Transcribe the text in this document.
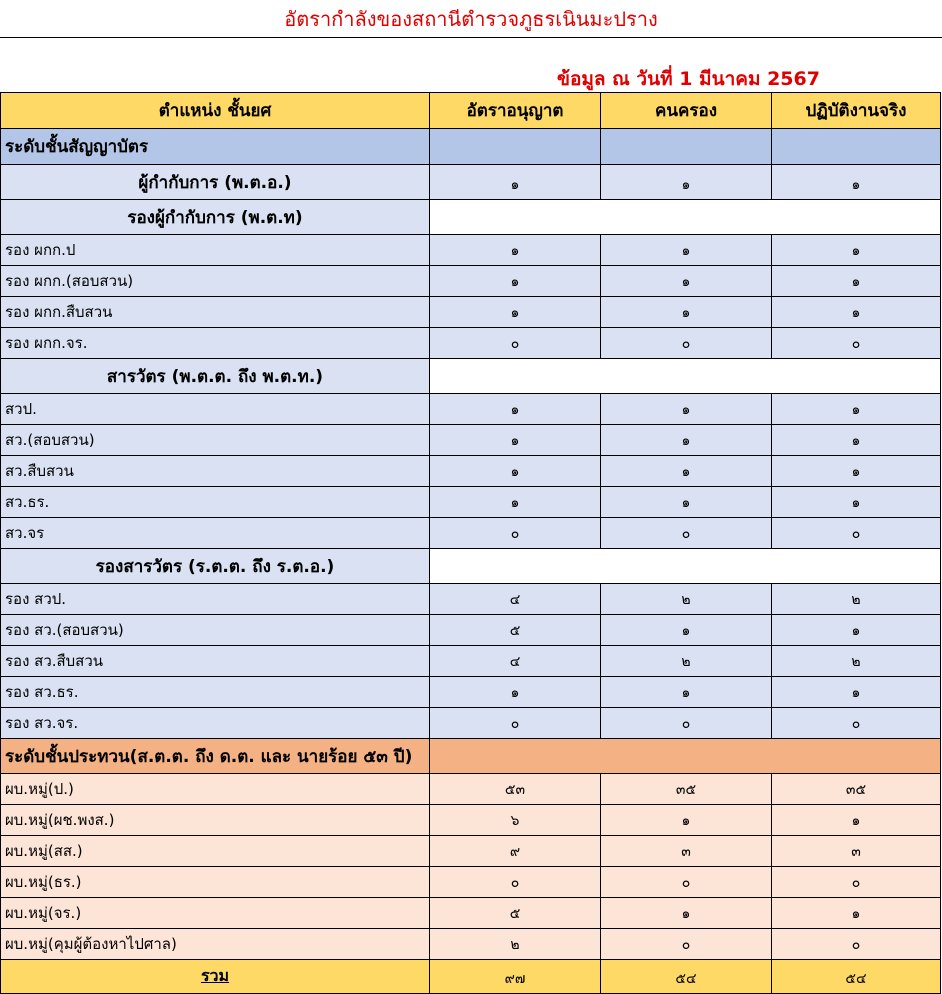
อัตรากำลังของสถานีตำรวจภูธรเนินมะปราง
ข้อมูล ณ วันที่ 1 มีนาคม 2567
ตำแหน่ง ชั้นยศ	อัตราอนุญาต	คนครอง	ปฏิบัติงานจริง
ระดับชั้นสัญญาบัตร			
ผู้กำกับการ (พ.ต.อ.)	๑	๑	๑
รองผู้กำกับการ (พ.ต.ท)			
รอง ผกก.ป	๑	๑	๑
รอง ผกก.(สอบสวน)	๑	๑	๑
รอง ผกก.สืบสวน	๑	๑	๑
รอง ผกก.จร.	๐	๐	๐
สารวัตร (พ.ต.ต. ถึง พ.ต.ท.)			
สวป.	๑	๑	๑
สว.(สอบสวน)	๑	๑	๑
สว.สืบสวน	๑	๑	๑
สว.ธร.	๑	๑	๑
สว.จร	๐	๐	๐
รองสารวัตร (ร.ต.ต. ถึง ร.ต.อ.)			
รอง สวป.	๔	๒	๒
รอง สว.(สอบสวน)	๕	๑	๑
รอง สว.สืบสวน	๔	๒	๒
รอง สว.ธร.	๑	๑	๑
รอง สว.จร.	๐	๐	๐
ระดับชั้นประทวน(ส.ต.ต. ถึง ด.ต. และ นายร้อย ๕๓ ปี)			
ผบ.หมู่(ป.)	๕๓	๓๕	๓๕
ผบ.หมู่(ผช.พงส.)	๖	๑	๑
ผบ.หมู่(สส.)	๙	๓	๓
ผบ.หมู่(ธร.)	๐	๐	๐
ผบ.หมู่(จร.)	๕	๑	๑
ผบ.หมู่(คุมผู้ต้องหาไปศาล)	๒	๐	๐
รวม	๙๗	๕๔	๕๔
